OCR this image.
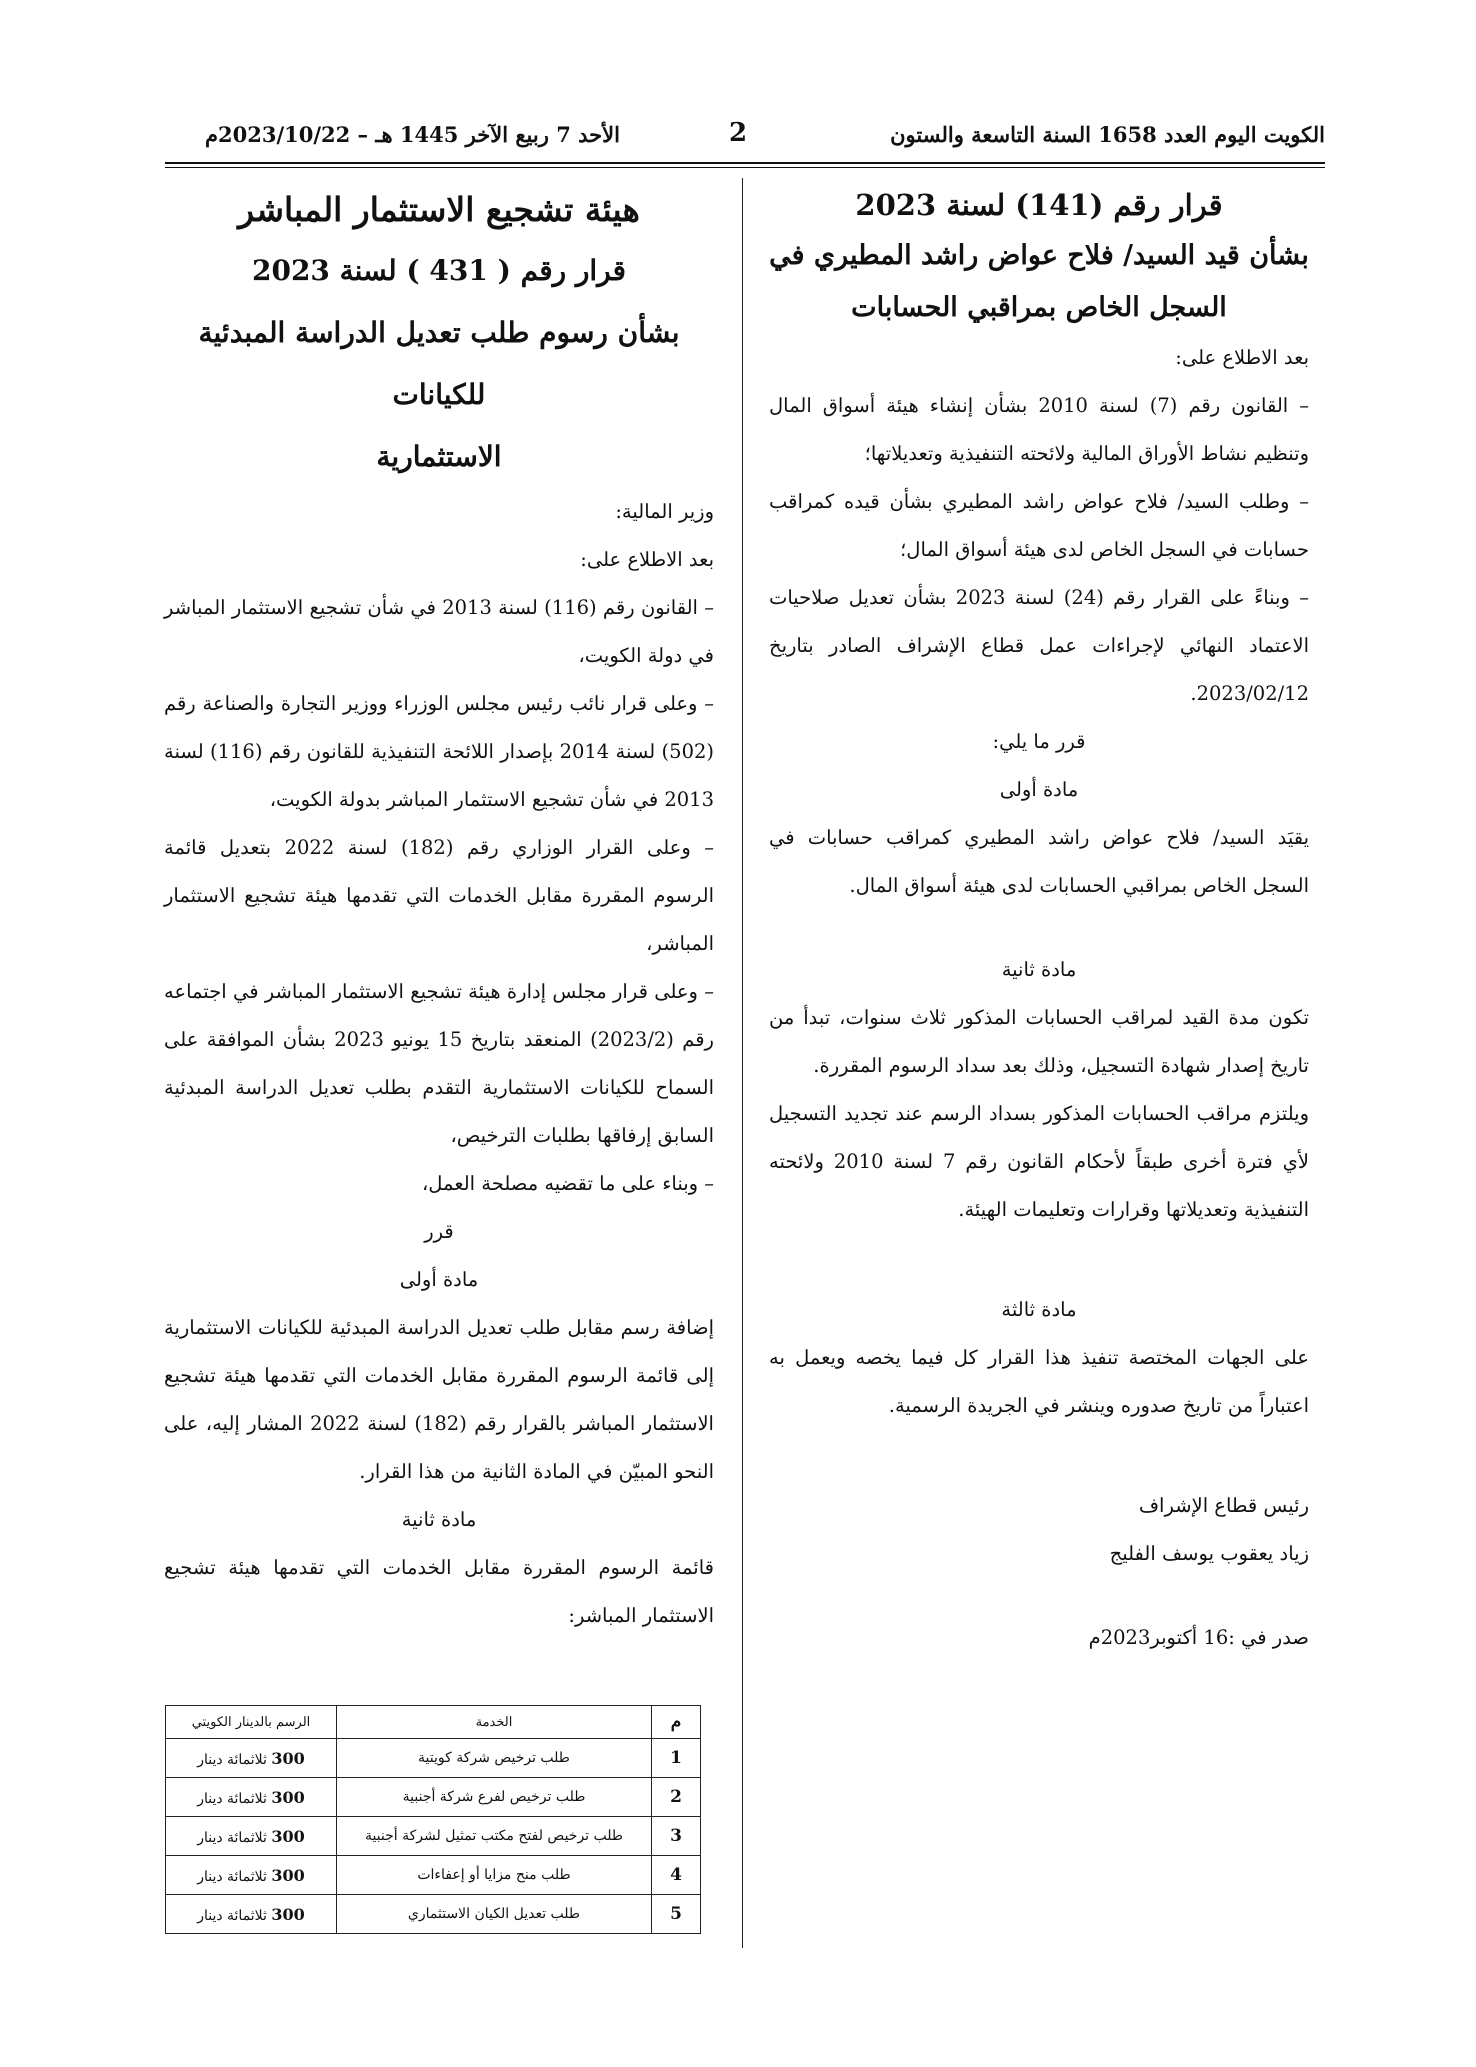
الكويت اليوم العدد 1658 السنة التاسعة والستون
2
الأحد 7 ربيع الآخر 1445 هـ – 2023/10/22م

قرار رقم (141) لسنة 2023

بشأن قيد السيد/ فلاح عواض راشد المطيري في

السجل الخاص بمراقبي الحسابات

بعد الاطلاع على:

– القانون رقم (7) لسنة 2010 بشأن إنشاء هيئة أسواق المال وتنظيم نشاط الأوراق المالية ولائحته التنفيذية وتعديلاتها؛

– وطلب السيد/ فلاح عواض راشد المطيري بشأن قيده كمراقب حسابات في السجل الخاص لدى هيئة أسواق المال؛

– وبناءً على القرار رقم (24) لسنة 2023 بشأن تعديل صلاحيات الاعتماد النهائي لإجراءات عمل قطاع الإشراف الصادر بتاريخ 2023/02/12.

قرر ما يلي:

مادة أولى

يقيَد السيد/ فلاح عواض راشد المطيري كمراقب حسابات في السجل الخاص بمراقبي الحسابات لدى هيئة أسواق المال.

مادة ثانية

تكون مدة القيد لمراقب الحسابات المذكور ثلاث سنوات، تبدأ من تاريخ إصدار شهادة التسجيل، وذلك بعد سداد الرسوم المقررة.

ويلتزم مراقب الحسابات المذكور بسداد الرسم عند تجديد التسجيل لأي فترة أخرى طبقاً لأحكام القانون رقم 7 لسنة 2010 ولائحته التنفيذية وتعديلاتها وقرارات وتعليمات الهيئة.

مادة ثالثة

على الجهات المختصة تنفيذ هذا القرار كل فيما يخصه ويعمل به اعتباراً من تاريخ صدوره وينشر في الجريدة الرسمية.

رئيس قطاع الإشراف

زياد يعقوب يوسف الفليج

صدر في :16 أكتوبر2023م

هيئة تشجيع الاستثمار المباشر

قرار رقم ( 431 ) لسنة 2023

بشأن رسوم طلب تعديل الدراسة المبدئية للكيانات

الاستثمارية

وزير المالية:

بعد الاطلاع على:

– القانون رقم (116) لسنة 2013 في شأن تشجيع الاستثمار المباشر في دولة الكويت،

– وعلى قرار نائب رئيس مجلس الوزراء ووزير التجارة والصناعة رقم (502) لسنة 2014 بإصدار اللائحة التنفيذية للقانون رقم (116) لسنة 2013 في شأن تشجيع الاستثمار المباشر بدولة الكويت،

– وعلى القرار الوزاري رقم (182) لسنة 2022 بتعديل قائمة الرسوم المقررة مقابل الخدمات التي تقدمها هيئة تشجيع الاستثمار المباشر،

– وعلى قرار مجلس إدارة هيئة تشجيع الاستثمار المباشر في اجتماعه رقم (2023/2) المنعقد بتاريخ 15 يونيو 2023 بشأن الموافقة على السماح للكيانات الاستثمارية التقدم بطلب تعديل الدراسة المبدئية السابق إرفاقها بطلبات الترخيص،

– وبناء على ما تقضيه مصلحة العمل،

قرر

مادة أولى

إضافة رسم مقابل طلب تعديل الدراسة المبدئية للكيانات الاستثمارية إلى قائمة الرسوم المقررة مقابل الخدمات التي تقدمها هيئة تشجيع الاستثمار المباشر بالقرار رقم (182) لسنة 2022 المشار إليه، على النحو المبيّن في المادة الثانية من هذا القرار.

مادة ثانية

قائمة الرسوم المقررة مقابل الخدمات التي تقدمها هيئة تشجيع الاستثمار المباشر:

م	الخدمة	الرسم بالدينار الكويتي
1	طلب ترخيص شركة كويتية	300 ثلاثمائة دينار
2	طلب ترخيص لفرع شركة أجنبية	300 ثلاثمائة دينار
3	طلب ترخيص لفتح مكتب تمثيل لشركة أجنبية	300 ثلاثمائة دينار
4	طلب منح مزايا أو إعفاءات	300 ثلاثمائة دينار
5	طلب تعديل الكيان الاستثماري	300 ثلاثمائة دينار
